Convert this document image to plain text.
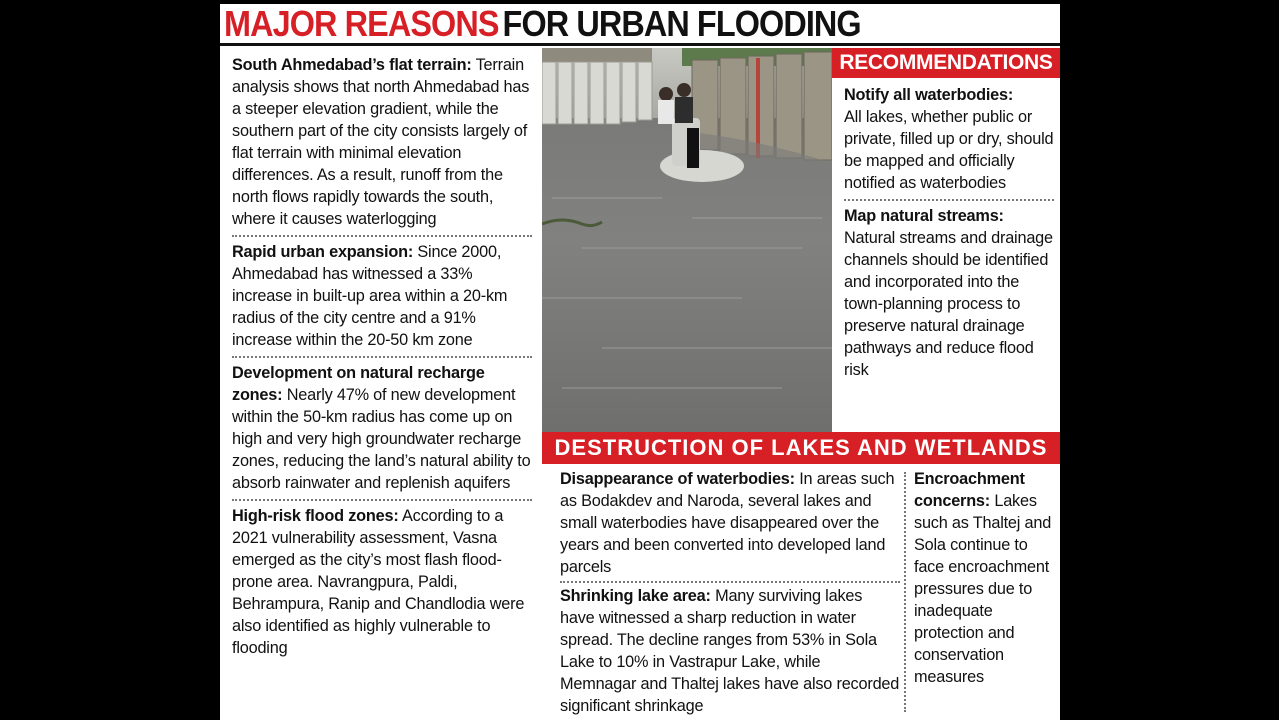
MAJOR REASONS FOR URBAN FLOODING
South Ahmedabad’s flat terrain: Terrain analysis shows that north Ahmedabad has a steeper elevation gradient, while the southern part of the city consists largely of flat terrain with minimal elevation differences. As a result, runoff from the north flows rapidly towards the south, where it causes waterlogging
Rapid urban expansion: Since 2000, Ahmedabad has witnessed a 33% increase in built-up area within a 20-km radius of the city centre and a 91% increase within the 20-50 km zone
Development on natural recharge zones: Nearly 47% of new development within the 50-km radius has come up on high and very high groundwater recharge zones, reducing the land’s natural ability to absorb rainwater and replenish aquifers
High-risk flood zones: According to a 2021 vulnerability assessment, Vasna emerged as the city’s most flash flood-prone area. Navrangpura, Paldi, Behrampura, Ranip and Chandlodia were also identified as highly vulnerable to flooding
RECOMMENDATIONS
Notify all waterbodies:
All lakes, whether public or private, filled up or dry, should be mapped and officially notified as waterbodies
Map natural streams:
Natural streams and drainage channels should be identified and incorporated into the town-planning process to preserve natural drainage pathways and reduce flood risk
DESTRUCTION OF LAKES AND WETLANDS
Disappearance of waterbodies: In areas such as Bodakdev and Naroda, several lakes and small waterbodies have disappeared over the years and been converted into developed land parcels
Shrinking lake area: Many surviving lakes have witnessed a sharp reduction in water spread. The decline ranges from 53% in Sola Lake to 10% in Vastrapur Lake, while Memnagar and Thaltej lakes have also recorded significant shrinkage
Encroachment concerns: Lakes such as Thaltej and Sola continue to face encroachment pressures due to inadequate protection and conservation measures
